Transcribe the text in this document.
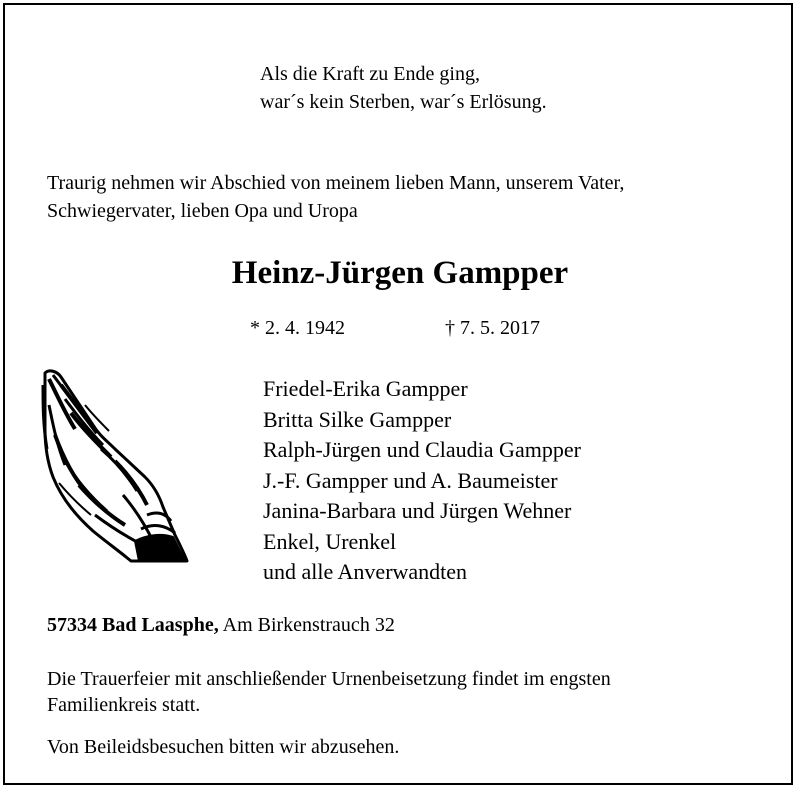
Als die Kraft zu Ende ging,
war´s kein Sterben, war´s Erlösung.
Traurig nehmen wir Abschied von meinem lieben Mann, unserem Vater,
Schwiegervater, lieben Opa und Uropa
Heinz-Jürgen Gampper
* 2. 4. 1942	† 7. 5. 2017
Friedel-Erika Gampper
Britta Silke Gampper
Ralph-Jürgen und Claudia Gampper
J.-F. Gampper und A. Baumeister
Janina-Barbara und Jürgen Wehner
Enkel, Urenkel
und alle Anverwandten
57334 Bad Laasphe, Am Birkenstrauch 32
Die Trauerfeier mit anschließender Urnenbeisetzung findet im engsten
Familienkreis statt.
Von Beileidsbesuchen bitten wir abzusehen.
